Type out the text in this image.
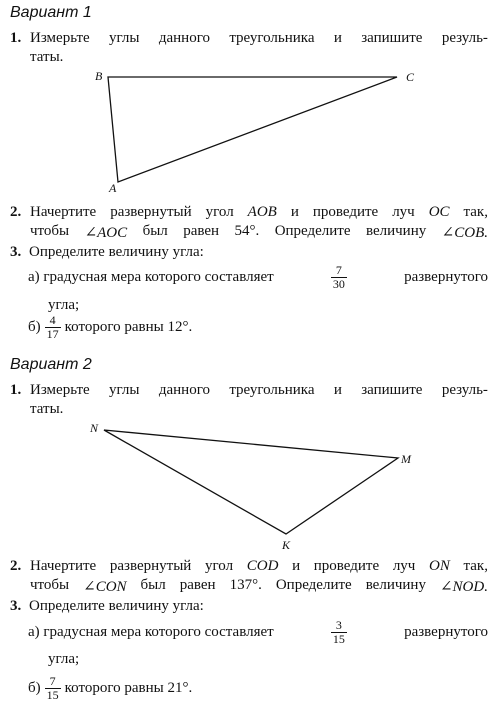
Вариант 1
1. Измерьте углы данного треугольника и запишите резуль-
таты.
B	C
A
2. Начертите развернутый угол AOB и проведите луч OC так,
чтобы ∠AOC был равен 54°. Определите величину ∠COB.
3. Определите величину угла:
а) градусная мера которого составляет	$\frac{7}{30}$	развернутого
угла;
$б) \frac{4}{17}$ которого равны 12°.
Вариант 2
1. Измерьте углы данного треугольника и запишите резуль-
таты.
N
M
K
2. Начертите развернутый угол COD и проведите луч ON так,
чтобы ∠CON был равен 137°. Определите величину ∠NOD.
3. Определите величину угла:
а) градусная мера которого составляет	$\frac{3}{15}$	развернутого
угла;
$б) \frac{7}{15}$ которого равны 21°.
